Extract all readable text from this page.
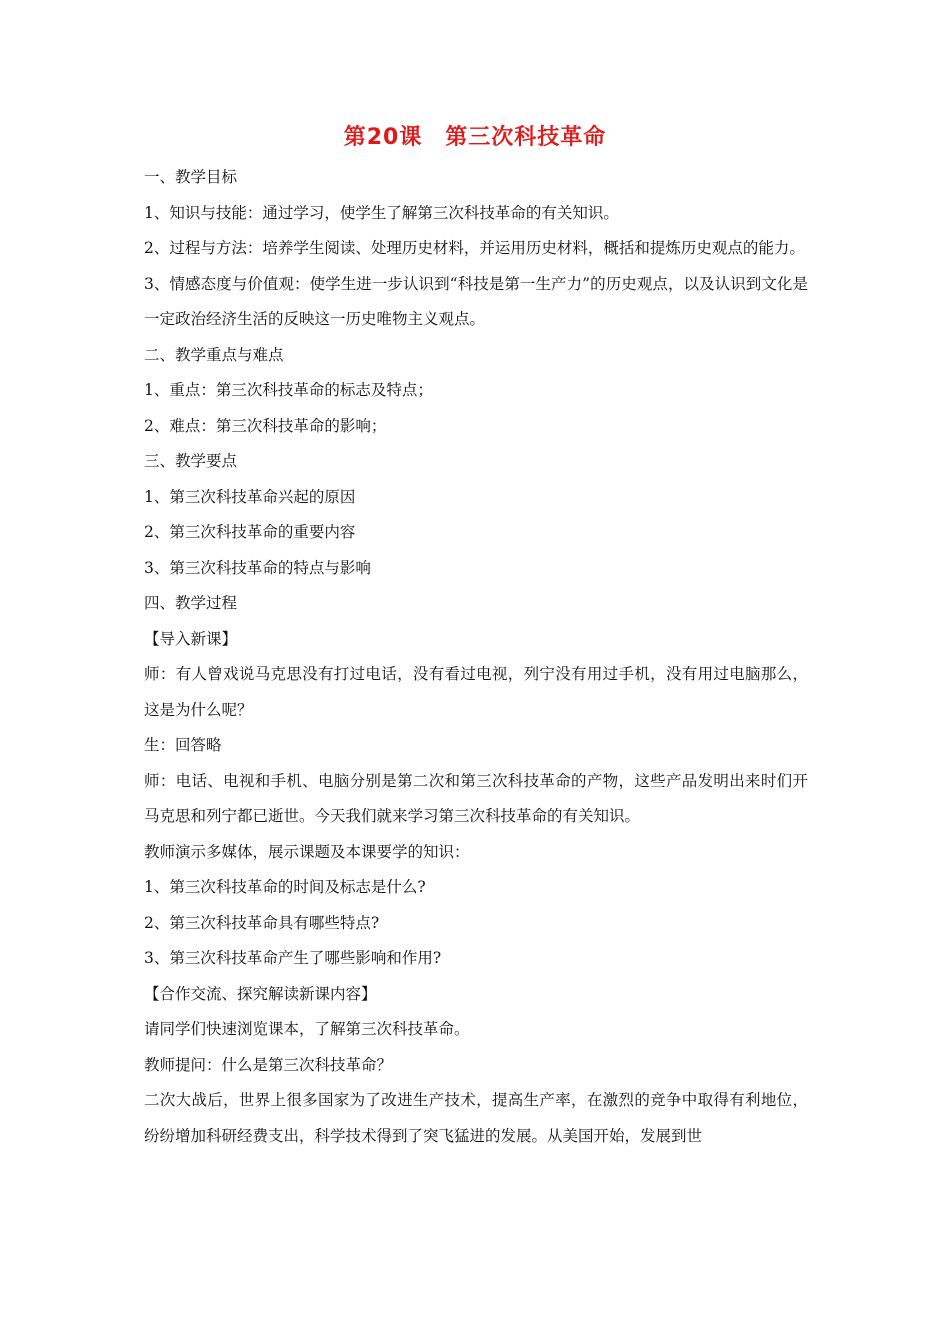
第20课　第三次科技革命

一、教学目标

1、知识与技能：通过学习，使学生了解第三次科技革命的有关知识。

2、过程与方法：培养学生阅读、处理历史材料，并运用历史材料，概括和提炼历史观点的能力。

3、情感态度与价值观：使学生进一步认识到“科技是第一生产力”的历史观点，以及认识到文化是一定政治经济生活的反映这一历史唯物主义观点。

二、教学重点与难点

1、重点：第三次科技革命的标志及特点；

2、难点：第三次科技革命的影响；

三、教学要点

1、第三次科技革命兴起的原因

2、第三次科技革命的重要内容

3、第三次科技革命的特点与影响

四、教学过程

【导入新课】

师：有人曾戏说马克思没有打过电话，没有看过电视，列宁没有用过手机，没有用过电脑那么，这是为什么呢？

生：回答略

师：电话、电视和手机、电脑分别是第二次和第三次科技革命的产物，这些产品发明出来时们开马克思和列宁都已逝世。今天我们就来学习第三次科技革命的有关知识。

教师演示多媒体，展示课题及本课要学的知识：

1、第三次科技革命的时间及标志是什么?

2、第三次科技革命具有哪些特点?

3、第三次科技革命产生了哪些影响和作用?

【合作交流、探究解读新课内容】

请同学们快速浏览课本，了解第三次科技革命。

教师提问：什么是第三次科技革命？

二次大战后，世界上很多国家为了改进生产技术，提高生产率，在激烈的竞争中取得有利地位，纷纷增加科研经费支出，科学技术得到了突飞猛进的发展。从美国开始，发展到世
